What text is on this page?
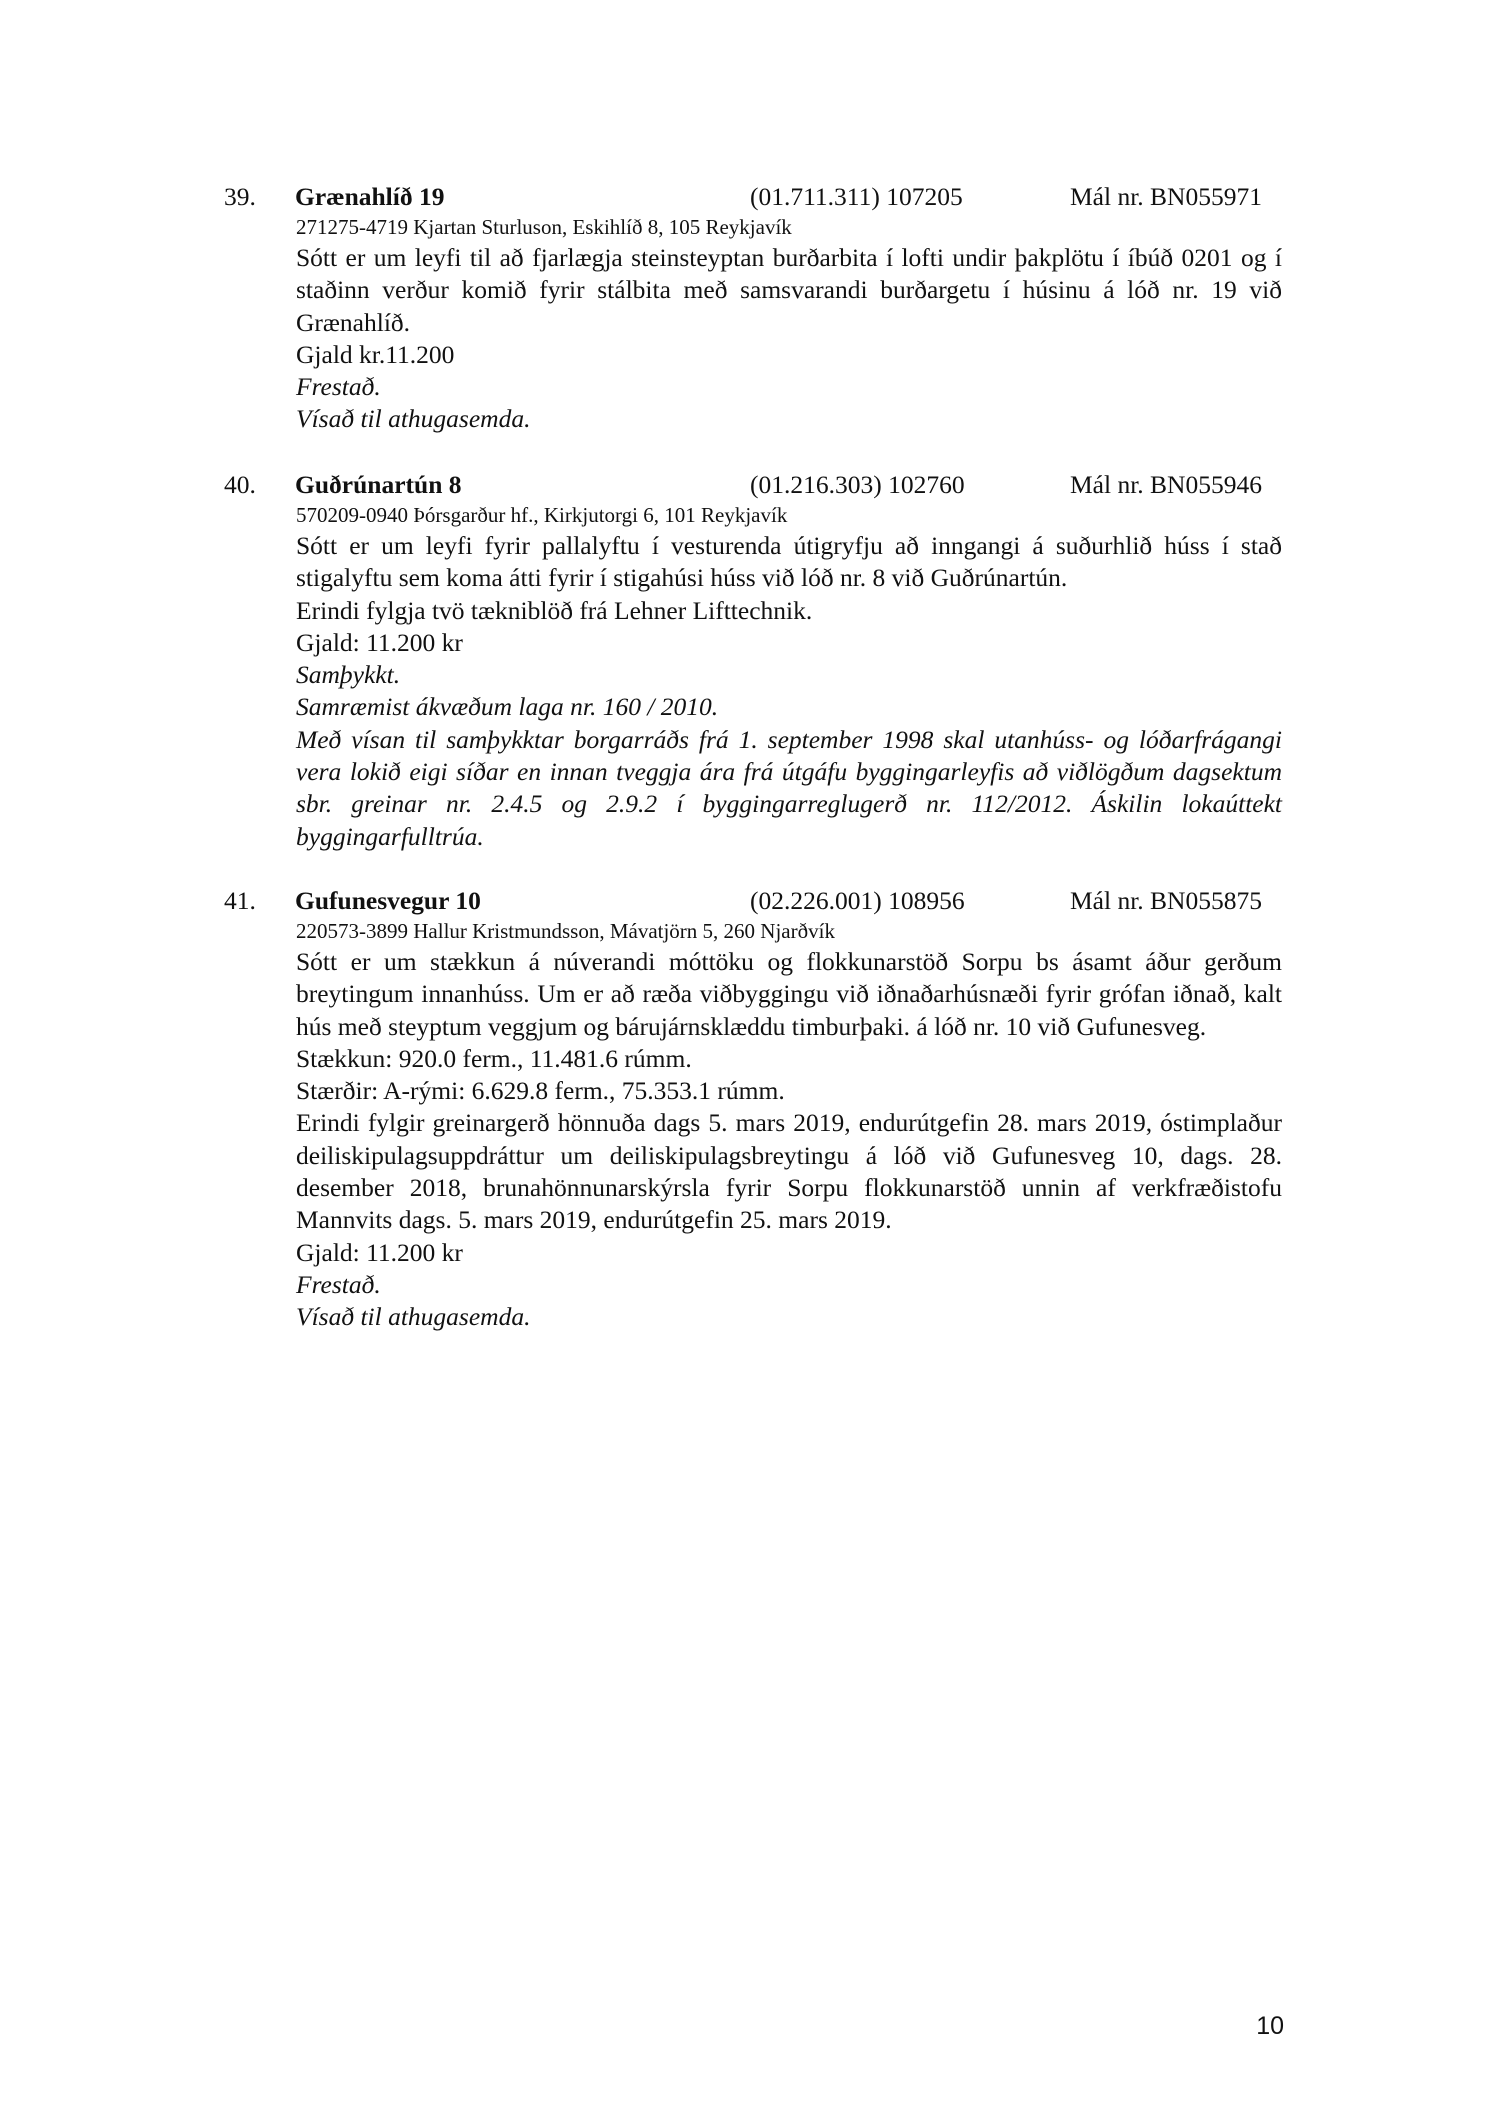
39. Grænahlíð 19	(01.711.311) 107205	Mál nr. BN055971
271275-4719 Kjartan Sturluson, Eskihlíð 8, 105 Reykjavík
Sótt er um leyfi til að fjarlægja steinsteyptan burðarbita í lofti undir þakplötu í íbúð 0201 og í staðinn verður komið fyrir stálbita með samsvarandi burðargetu í húsinu á lóð nr. 19 við Grænahlíð.
Gjald kr.11.200
Frestað.
Vísað til athugasemda.
40. Guðrúnartún 8	(01.216.303) 102760	Mál nr. BN055946
570209-0940 Þórsgarður hf., Kirkjutorgi 6, 101 Reykjavík
Sótt er um leyfi fyrir pallalyftu í vesturenda útigryfju að inngangi á suðurhlið húss í stað stigalyftu sem koma átti fyrir í stigahúsi húss við lóð nr. 8 við Guðrúnartún.
Erindi fylgja tvö tækniblöð frá Lehner Lifttechnik.
Gjald: 11.200 kr
Samþykkt.
Samræmist ákvæðum laga nr. 160 / 2010.
Með vísan til samþykktar borgarráðs frá 1. september 1998 skal utanhúss- og lóðarfrágangi vera lokið eigi síðar en innan tveggja ára frá útgáfu byggingarleyfis að viðlögðum dagsektum sbr. greinar nr. 2.4.5 og 2.9.2 í byggingarreglugerð nr. 112/2012. Áskilin lokaúttekt byggingarfulltrúa.
41. Gufunesvegur 10	(02.226.001) 108956	Mál nr. BN055875
220573-3899 Hallur Kristmundsson, Mávatjörn 5, 260 Njarðvík
Sótt er um stækkun á núverandi móttöku og flokkunarstöð Sorpu bs ásamt áður gerðum breytingum innanhúss. Um er að ræða viðbyggingu við iðnaðarhúsnæði fyrir grófan iðnað, kalt hús með steyptum veggjum og bárujárnsklæddu timburþaki. á lóð nr. 10 við Gufunesveg.
Stækkun: 920.0 ferm., 11.481.6 rúmm.
Stærðir: A-rými: 6.629.8 ferm., 75.353.1 rúmm.
Erindi fylgir greinargerð hönnuða dags 5. mars 2019, endurútgefin 28. mars 2019, óstimplaður deiliskipulagsuppdráttur um deiliskipulagsbreytingu á lóð við Gufunesveg 10, dags. 28. desember 2018, brunahönnunarskýrsla fyrir Sorpu flokkunarstöð unnin af verkfræðistofu Mannvits dags. 5. mars 2019, endurútgefin 25. mars 2019.
Gjald: 11.200 kr
Frestað.
Vísað til athugasemda.
10
